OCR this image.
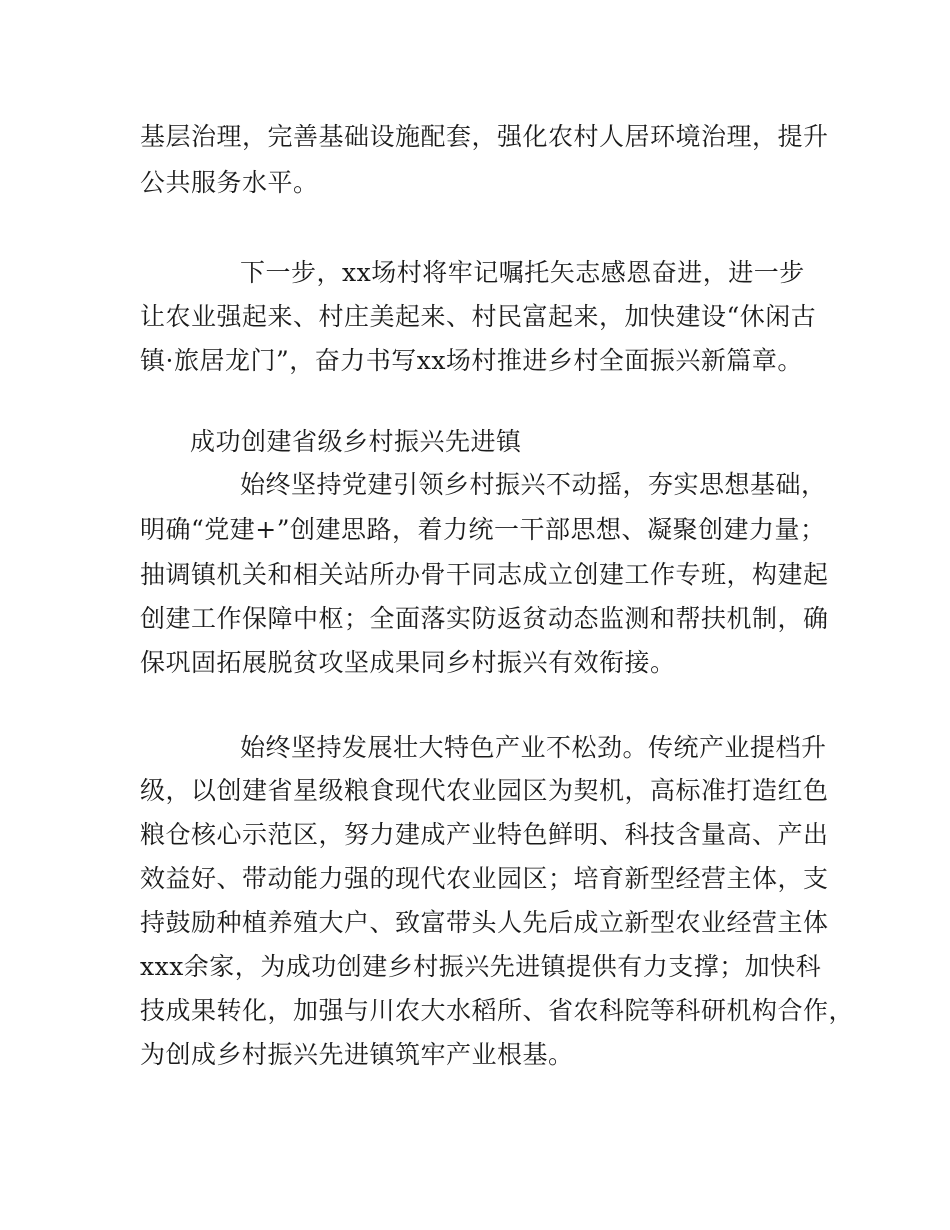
基层治理，完善基础设施配套，强化农村人居环境治理，提升
公共服务水平。
下一步，xx场村将牢记嘱托矢志感恩奋进，进一步
让农业强起来、村庄美起来、村民富起来，加快建设“休闲古
镇·旅居龙门”，奋力书写xx场村推进乡村全面振兴新篇章。
成功创建省级乡村振兴先进镇
始终坚持党建引领乡村振兴不动摇，夯实思想基础，
明确“党建+”创建思路，着力统一干部思想、凝聚创建力量；
抽调镇机关和相关站所办骨干同志成立创建工作专班，构建起
创建工作保障中枢；全面落实防返贫动态监测和帮扶机制，确
保巩固拓展脱贫攻坚成果同乡村振兴有效衔接。
始终坚持发展壮大特色产业不松劲。传统产业提档升
级，以创建省星级粮食现代农业园区为契机，高标准打造红色
粮仓核心示范区，努力建成产业特色鲜明、科技含量高、产出
效益好、带动能力强的现代农业园区；培育新型经营主体，支
持鼓励种植养殖大户、致富带头人先后成立新型农业经营主体
xxx余家，为成功创建乡村振兴先进镇提供有力支撑；加快科
技成果转化，加强与川农大水稻所、省农科院等科研机构合作，
为创成乡村振兴先进镇筑牢产业根基。
